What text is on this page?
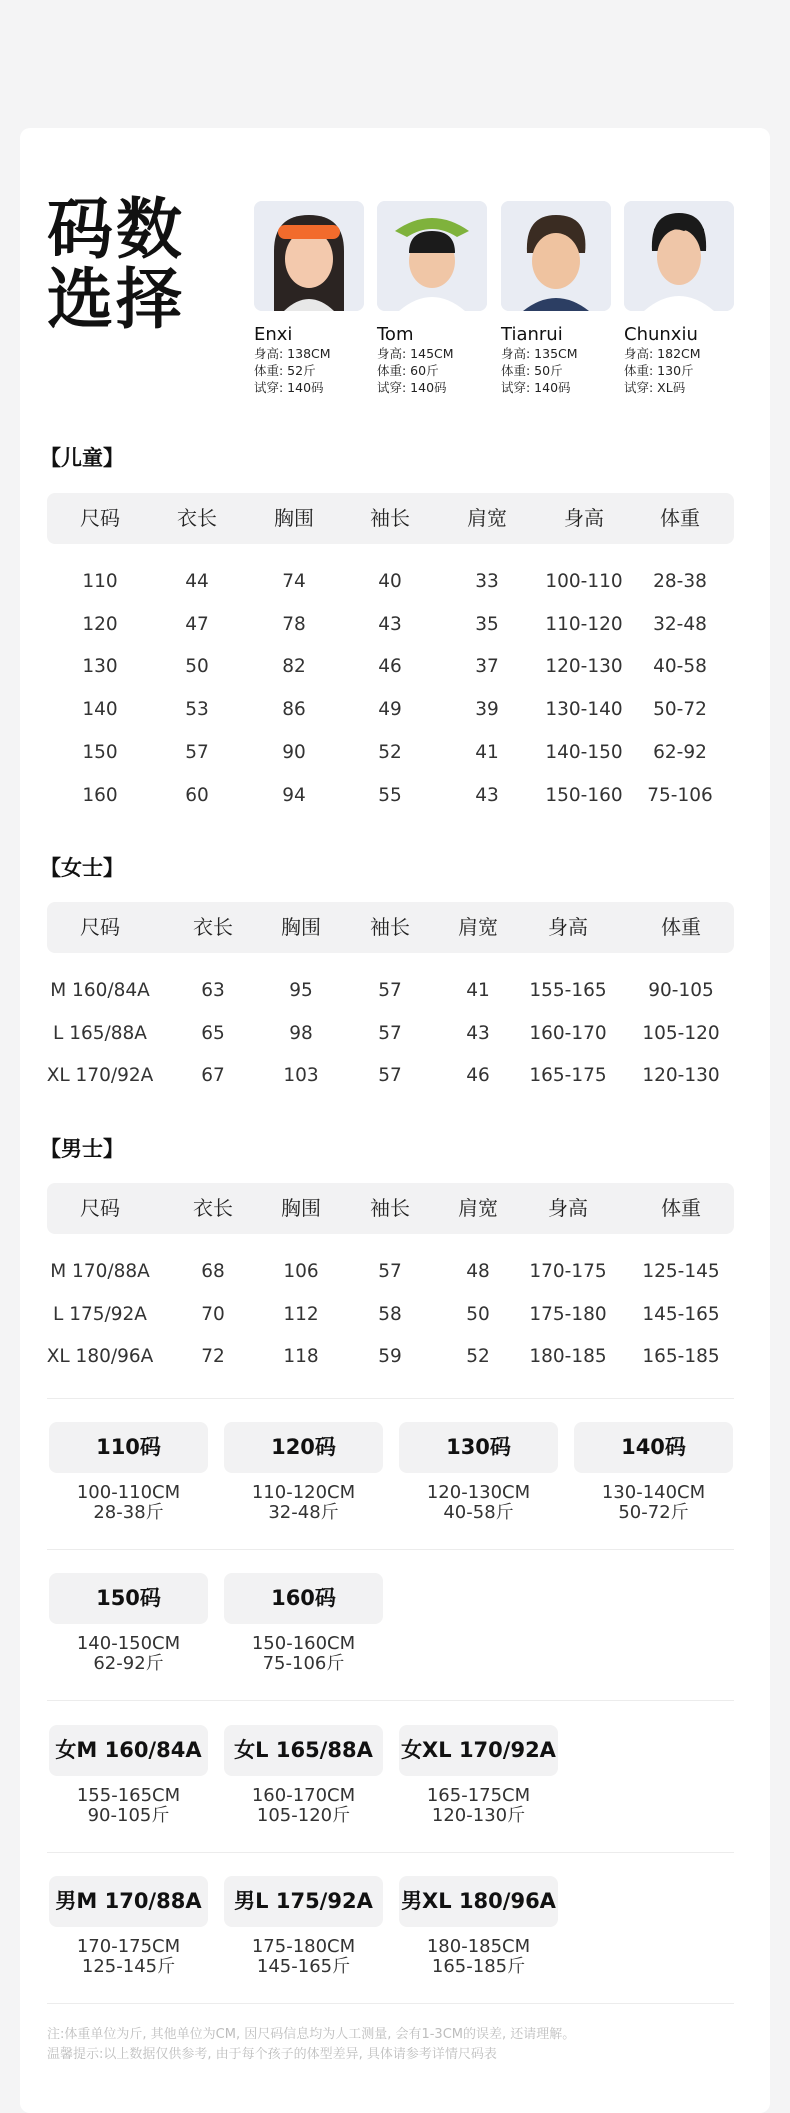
码数
选择	Enxi
身高: 138CM
体重: 52斤
试穿: 140码
Tom
身高: 145CM
体重: 60斤
试穿: 140码
Tianrui
身高: 135CM
体重: 50斤
试穿: 140码
Chunxiu
身高: 182CM
体重: 130斤
试穿: XL码
【儿童】
尺码	衣长	胸围	袖长	肩宽	身高	体重
110	44	74	40	33	100-110	28-38
120	47	78	43	35	110-120	32-48
130	50	82	46	37	120-130	40-58
140	53	86	49	39	130-140	50-72
150	57	90	52	41	140-150	62-92
160	60	94	55	43	150-160	75-106
【女士】
尺码	衣长	胸围	袖长	肩宽	身高	体重
M 160/84A	63	95	57	41	155-165	90-105
L 165/88A	65	98	57	43	160-170	105-120
XL 170/92A	67	103	57	46	165-175	120-130
【男士】
尺码	衣长	胸围	袖长	肩宽	身高	体重
M 170/88A	68	106	57	48	170-175	125-145
L 175/92A	70	112	58	50	175-180	145-165
XL 180/96A	72	118	59	52	180-185	165-185
110码
100-110CM
28-38斤
120码
110-120CM
32-48斤
130码
120-130CM
40-58斤
140码
130-140CM
50-72斤
150码
140-150CM
62-92斤
160码
150-160CM
75-106斤
女M 160/84A
155-165CM
90-105斤
女L 165/88A
160-170CM
105-120斤
女XL 170/92A
165-175CM
120-130斤
男M 170/88A
170-175CM
125-145斤
男L 175/92A
175-180CM
145-165斤
男XL 180/96A
180-185CM
165-185斤
注:体重单位为斤, 其他单位为CM, 因尺码信息均为人工测量, 会有1-3CM的误差, 还请理解。
温馨提示:以上数据仅供参考, 由于每个孩子的体型差异, 具体请参考详情尺码表
